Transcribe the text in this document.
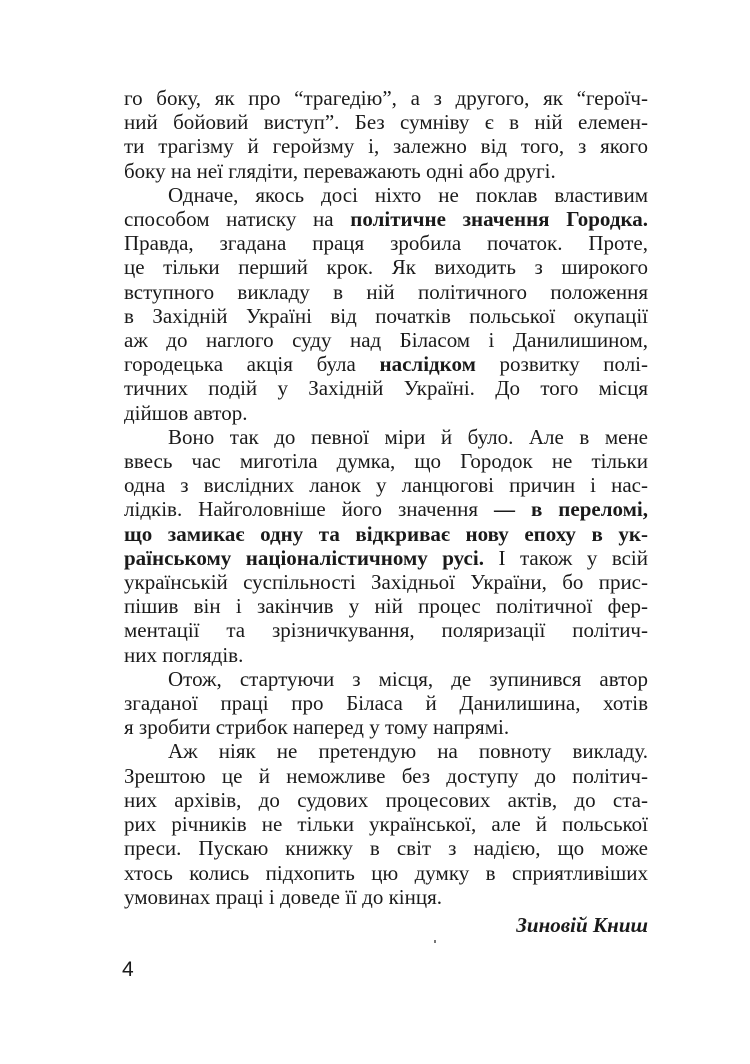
го боку, як про “трагедію”, а з другого, як “героїч-
ний бойовий виступ”. Без сумніву є в ній елемен-
ти трагізму й геройзму і, залежно від того, з якого
боку на неї глядіти, переважають одні або другі.
Одначе, якось досі ніхто не поклав властивим
способом натиску на політичне значення Городка.
Правда, згадана праця зробила початок. Проте,
це тільки перший крок. Як виходить з широкого
вступного викладу в ній політичного положення
в Західній Україні від початків польської окупації
аж до наглого суду над Біласом і Данилишином,
городецька акція була наслідком розвитку полі-
тичних подій у Західній Україні. До того місця
дійшов автор.
Воно так до певної міри й було. Але в мене
ввесь час миготіла думка, що Городок не тільки
одна з вислідних ланок у ланцюгові причин і нас-
лідків. Найголовніше його значення — в переломі,
що замикає одну та відкриває нову епоху в ук-
раїнському націоналістичному русі. І також у всій
українській суспільності Західньої України, бо прис-
пішив він і закінчив у ній процес політичної фер-
ментації та зрізничкування, поляризації політич-
них поглядів.
Отож, стартуючи з місця, де зупинився автор
згаданої праці про Біласа й Данилишина, хотів
я зробити стрибок наперед у тому напрямі.
Аж ніяк не претендую на повноту викладу.
Зрештою це й неможливе без доступу до політич-
них архівів, до судових процесових актів, до ста-
рих річників не тільки української, але й польської
преси. Пускаю книжку в світ з надією, що може
хтось колись підхопить цю думку в сприятливіших
умовинах праці і доведе її до кінця.
Зиновій Книш
4
